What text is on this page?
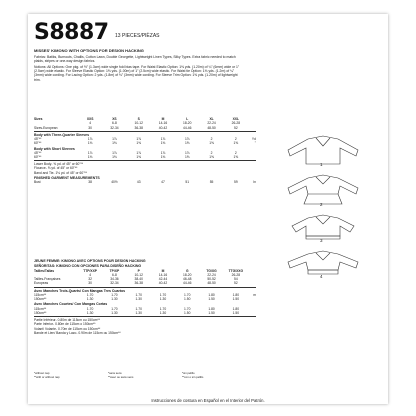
S8887 13 PIECES/PIÈZAS
MISSES' KIMONO WITH OPTIONS FOR DESIGN HACKING
Fabrics: Batiks, Burnouts, Challis, Cotton Lawn, Double Georgette, Lightweight Linen Types, Silky Types. Extra fabric needed to match plaids, stripes or one-way design fabrics.
Notions: All Options: One pkg. of ½" (1.3cm) wide single fold bias tape. For Waist Elastic Option: 1⅜ yds. (1.20m) of ¼" (6mm) wide or 1" (2.5cm) wide elastic. For Sleeve Elastic Option: 1⅜ yds. (1.00m) of 1" (2.5cm) wide elastic. For Waist tie Option: 1⅜ yds. (1.2m) of ¼" (3mm) wide cording. For Lacing Option: 2 yds. (1.8m) of ⅛" (3mm) wide cording. For Sleeve Trim Option: 1⅜ yds. (1.20m) of lightweight trim.
Sizes	XXS	XS	S	M	L	XL	XXL
4	6-8	10-12	14-16	18-20	22-24	26-28
Sizes-European	30	32-34	36-38	40-42	44-46	48-50	52
Body with Three-Quarter Sleeves
45"**	1⅞	1⅞	1⅞	1⅞	1⅞	2	2	Yd
60"**	1⅜	1⅜	1⅜	1⅜	1⅝	1⅝	1⅝	"
Body with Short Sleeves
45"**	1⅞	1⅞	1⅞	1⅞	1⅞	2	2
60"**	1⅜	1⅜	1⅜	1⅜	1⅝	1⅝	1⅝
Lower Body- ⅜ yd. of 45" or 60"**
Flounce- ⅝ yd. of 45" or 60"**
Band and Tie- 1⅛ yd. of 45" or 60"**
FINISHED GARMENT MEASUREMENTS
Bust	38	40½	43	47	51	55	59	In
JEUNE FEMME: KIMONO AVEC OPTIONS POUR DESIGN HACKING
SEÑORITAS: KIMONO CON OPCIONES PARA DISEÑO HACKING
Tailles/Tallas	TTP/XXP	TP/XP	P	M	G	TG/XG	TTG/XXG
4	6-8	10-12	14-16	18-20	22-24	26-28
Tailles-Françaises	32	34-36	38-40	42-44	46-48	50-52	54
Europeas	30	32-34	36-38	40-42	44-46	48-50	52
Avec Manches Trois-Quarts/ Con Mangas Tres Cuartos
115cm**	1.70	1.70	1.70	1.70	1.70	1.80	1.80	m
150cm**	1.30	1.30	1.30	1.30	1.50	1.50	1.50
Avec Manches Courtes/ Con Mangas Cortas
115cm**	1.70	1.70	1.70	1.70	1.70	1.80	1.80
150cm**	1.30	1.30	1.30	1.30	1.50	1.50	1.50
Partie Inférieur- 0.80m de 115cm ou 150cm**
Parte Inferior- 0.80m de 115cm o 150cm**
Volant/ Volante- 0.70m de 115cm ou 150cm**
Bande et Lien/ Banda y Lazo- 0.90m de 115cm ou 150cm**
*without nap
**with or without nap
*sans sens
**avec ou sans sens
*sin pelillo
**con o sin pelillo
1
2
3
4
Instrucciones de costura en Español en el Interior del Patrón.
